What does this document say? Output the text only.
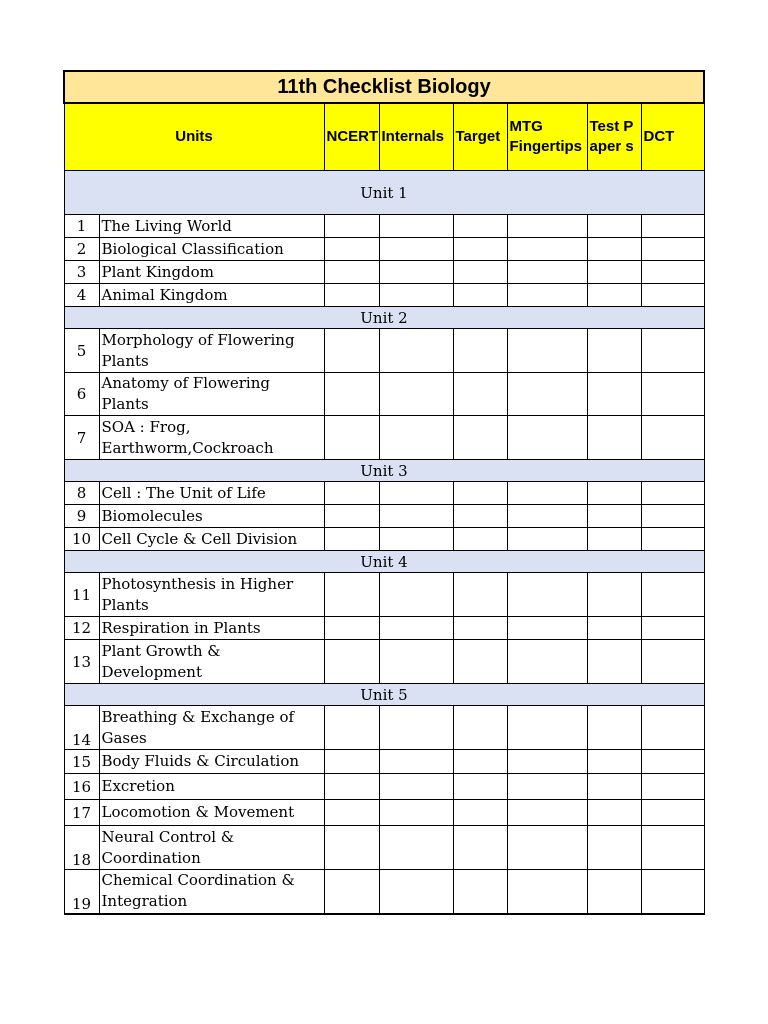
11th Checklist Biology							
Units		NCERT	Internals	Target	MTG Fingertips	Test Paper s	DCT
Unit 1							
1	The Living World						
2	Biological Classification						
3	Plant Kingdom						
4	Animal Kingdom						
Unit 2							
5	Morphology of Flowering Plants						
6	Anatomy of Flowering Plants						
7	SOA : Frog, Earthworm,Cockroach						
Unit 3							
8	Cell : The Unit of Life						
9	Biomolecules						
10	Cell Cycle & Cell Division						
Unit 4							
11	Photosynthesis in Higher Plants						
12	Respiration in Plants						
13	Plant Growth & Development						
Unit 5							
14	Breathing & Exchange of Gases						
15	Body Fluids & Circulation						
16	Excretion						
17	Locomotion & Movement						
18	Neural Control & Coordination						
19	Chemical Coordination & Integration						
